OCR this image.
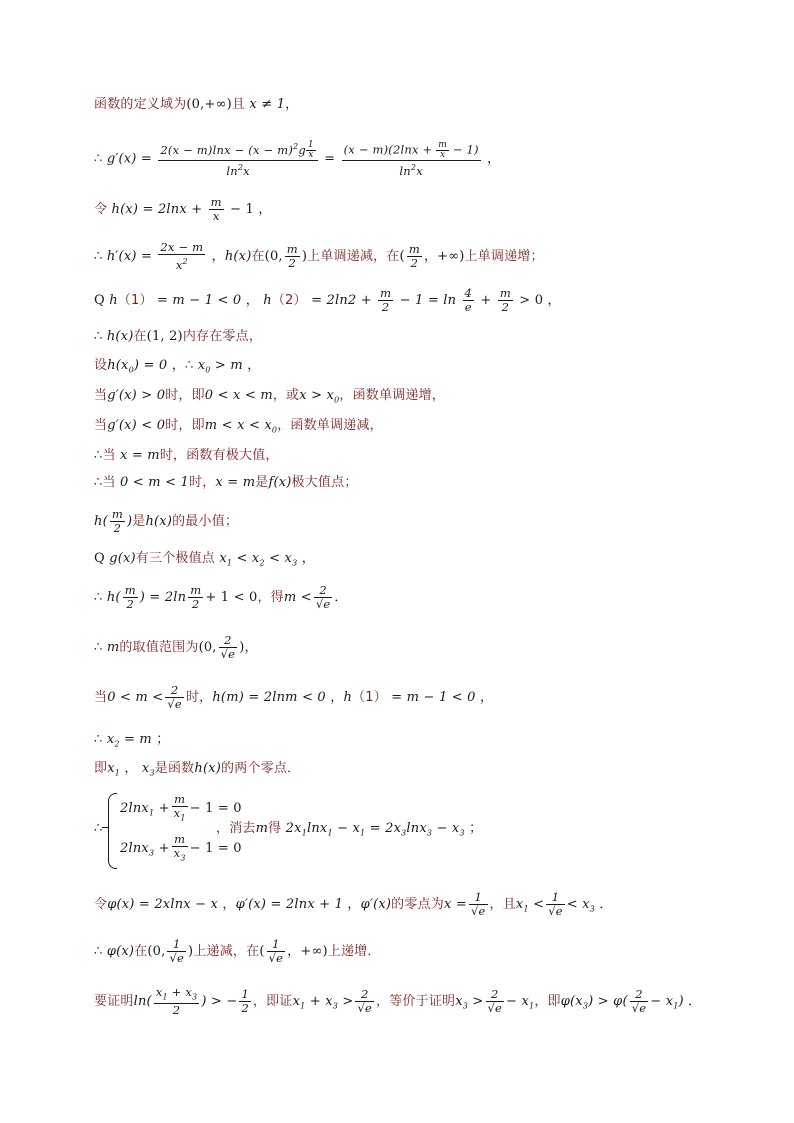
函数的定义域为(0,+∞)且 x ≠ 1，
∴ $g'(x) = \frac{2(x - m)\ln x - (x - m)^2g \frac{1}{x}}{\ln^2x} = \frac{(x - m)(2\ln x + \frac{m}{x} - 1)}{\ln^2x}$ ，
令 $h(x) = 2\ln x + \frac{m}{x} - 1$ ，
∴ $h'(x) = \frac{2x - m}{x^2}$ ，h(x)在(0, $\frac{m}{2}$ )上单调递减，在( $\frac{m}{2}$ ，+∞)上单调递增；
Q h（1） = m − 1 < 0 ， $h(2) = 2\ln 2 + \frac{m}{2} - 1 = \ln \frac{4}{e} + \frac{m}{2} > 0$ ，
∴ h(x)在(1, 2)内存在零点，
设$h(x_0) = 0$ ，∴ $x_0 > m$ ，
当g′(x) > 0时，即0 < x < m，或$x > x_0$，函数单调递增，
当g′(x) < 0时，即$m < x < x_0$，函数单调递减，
∴当 x = m时，函数有极大值，
∴当 0 < m < 1时，x = m是f(x)极大值点；
$h( \frac{m}{2}$ )是h(x)的最小值；
Q g(x)有三个极值点 $x_1 < x_2 < x_3$ ，
∴ $h( \frac{m}{2}$ ) = $2\ln \frac{m}{2} + 1 < 0$，得$m < \frac{2}{√e}$ ．
∴ m的取值范围为(0, $\frac{2}{√e}$ )，
当$0 < m < \frac{2}{√e}$ 时，h(m) = 2lnm < 0 ，h（1） = m − 1 < 0 ，
∴ $x_2 = m$ ；
即$x_1$ ， $x_3$是函数h(x)的两个零点．
∴
$2\ln x_1 + \frac{m}{x_1} - 1 = 0$
$2\ln x_3 + \frac{m}{x_3} - 1 = 0$
，消去m得 $2x_1\ln x_1 - x_1 = 2x_3\ln x_3 - x_3$ ；
令φ(x) = 2xlnx − x ，φ′(x) = 2lnx + 1 ，φ′(x)的零点为$x = \frac{1}{√e}$ ，且$x_1 < \frac{1}{√e} < x_3$ ．
∴ φ(x)在(0, $\frac{1}{√e}$ )上递减，在( $\frac{1}{√e}$ ，+∞)上递增．
要证明$\ln( \frac{x_1 + x_3}{2}$ ) > − $\frac{1}{2}$ ，即证$x_1 + x_3 > \frac{2}{√e}$ ，等价于证明$x_3 > \frac{2}{√e} - x_1$，即$\varphi(x_3) > \varphi( \frac{2}{√e} - x_1)$ ．
